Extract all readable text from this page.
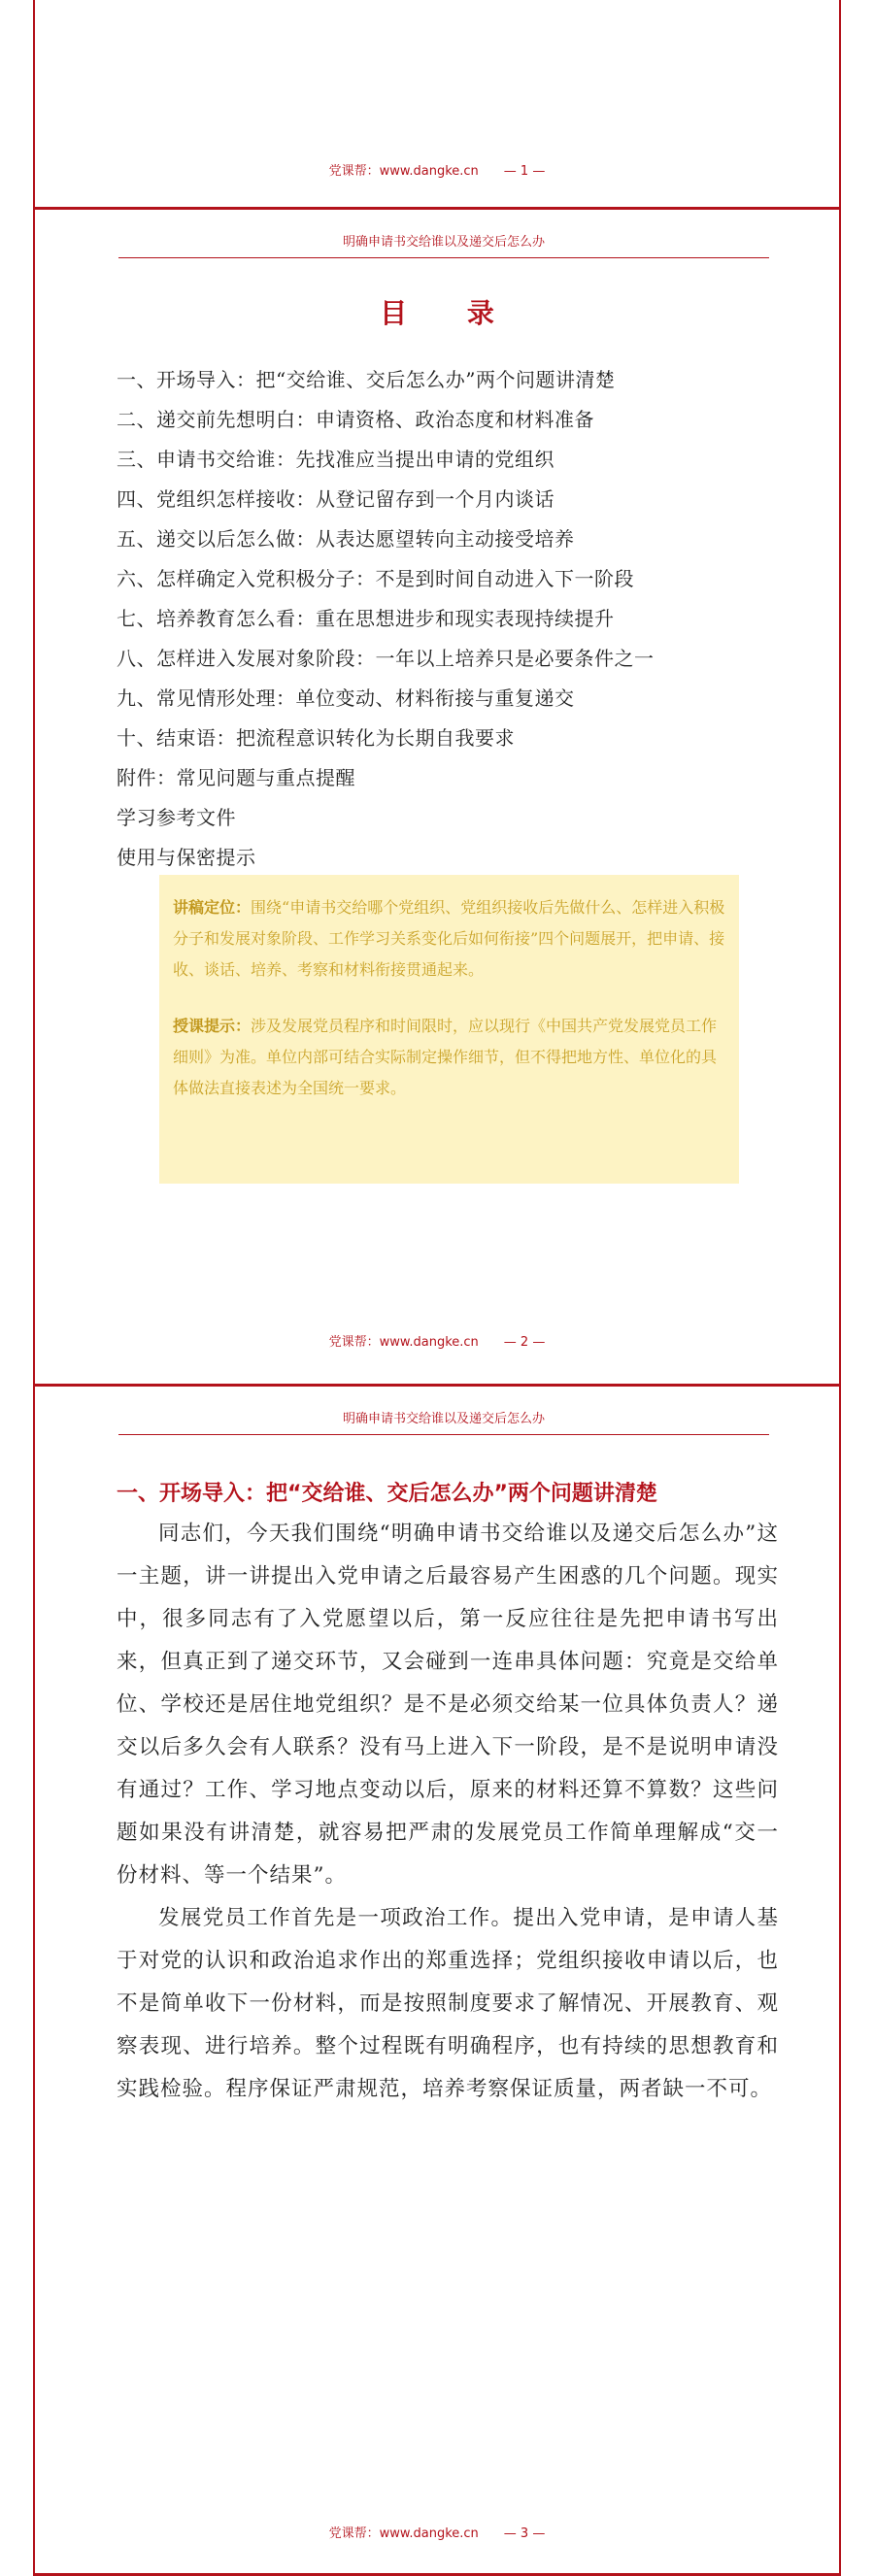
党课帮：www.dangke.cn — 1 —
明确申请书交给谁以及递交后怎么办
目 录
一、开场导入：把“交给谁、交后怎么办”两个问题讲清楚
二、递交前先想明白：申请资格、政治态度和材料准备
三、申请书交给谁：先找准应当提出申请的党组织
四、党组织怎样接收：从登记留存到一个月内谈话
五、递交以后怎么做：从表达愿望转向主动接受培养
六、怎样确定入党积极分子：不是到时间自动进入下一阶段
七、培养教育怎么看：重在思想进步和现实表现持续提升
八、怎样进入发展对象阶段：一年以上培养只是必要条件之一
九、常见情形处理：单位变动、材料衔接与重复递交
十、结束语：把流程意识转化为长期自我要求
附件：常见问题与重点提醒
学习参考文件
使用与保密提示

讲稿定位：围绕“申请书交给哪个党组织、党组织接收后先做什么、怎样进入积极分子和发展对象阶段、工作学习关系变化后如何衔接”四个问题展开，把申请、接收、谈话、培养、考察和材料衔接贯通起来。

授课提示：涉及发展党员程序和时间限时，应以现行《中国共产党发展党员工作细则》为准。单位内部可结合实际制定操作细节，但不得把地方性、单位化的具体做法直接表述为全国统一要求。

党课帮：www.dangke.cn — 2 —
明确申请书交给谁以及递交后怎么办
一、开场导入：把“交给谁、交后怎么办”两个问题讲清楚

同志们，今天我们围绕“明确申请书交给谁以及递交后怎么办”这一主题，讲一讲提出入党申请之后最容易产生困惑的几个问题。现实中，很多同志有了入党愿望以后，第一反应往往是先把申请书写出来，但真正到了递交环节，又会碰到一连串具体问题：究竟是交给单位、学校还是居住地党组织？是不是必须交给某一位具体负责人？递交以后多久会有人联系？没有马上进入下一阶段，是不是说明申请没有通过？工作、学习地点变动以后，原来的材料还算不算数？这些问题如果没有讲清楚，就容易把严肃的发展党员工作简单理解成“交一份材料、等一个结果”。

发展党员工作首先是一项政治工作。提出入党申请，是申请人基于对党的认识和政治追求作出的郑重选择；党组织接收申请以后，也不是简单收下一份材料，而是按照制度要求了解情况、开展教育、观察表现、进行培养。整个过程既有明确程序，也有持续的思想教育和实践检验。程序保证严肃规范，培养考察保证质量，两者缺一不可。

党课帮：www.dangke.cn — 3 —
